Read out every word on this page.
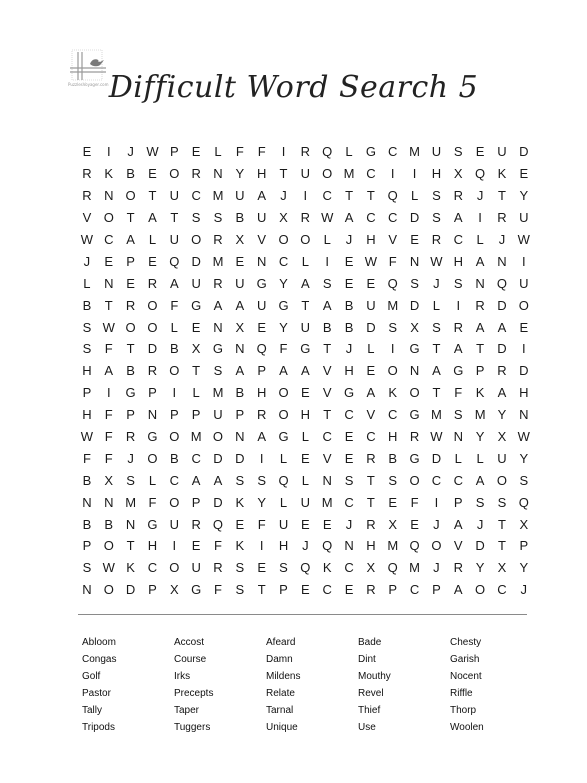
PuzzlesVoyager.com Difficult Word Search 5
E	I	J W P	E	L	F	F	I	R Q	L	G C M U S	E U D
R K	B	E O R N Y H	T	U O M C	I	I	H X Q K	E
R N O T	U C M U A	J	I	C	T	T Q	L	S R	J	T	Y
V O T	A	T	S	S	B U X R W A C C D S	A	I	R U
W C A	L	U O R X	V O O	L	J	H V	E R C	L	J W
J	E	P	E Q D M E N C	L	I	E W F	N W H A N	I
L	N E R A U R U G Y	A	S	E	E Q S	J	S N Q U
B	T	R O F G A	A U G T	A	B U M D	L	I	R D O
S W O O	L	E N X	E	Y U B	B D S	X	S R A	A	E
S	F	T	D B	X G N Q F G T	J	L	I	G T	A	T	D	I
H A	B R O T	S	A	P	A	A	V H E O N A G P R D
P	I	G P	I	L M B H O E	V G A	K O T	F	K	A H
H	F	P N P	P U P R O H	T	C V C G M S M Y N
W F	R G O M O N A G	L	C E C H R W N Y	X W
F	F	J	O B C D D	I	L	E	V	E R B G D	L	L	U Y
B	X	S	L	C A	A	S	S Q	L	N S	T	S O C C A O S
N N M F O P D K	Y	L	U M C	T	E	F	I	P	S	S Q
B	B N G U R Q E	F	U E	E	J	R X	E	J	A	J	T	X
P O T	H	I	E	F	K	I	H	J	Q N H M Q O V D	T	P
S W K C O U R S	E	S Q K C X Q M	J	R Y	X	Y
N O D P	X G F	S	T	P	E C E R P C P	A O C	J
Abloom	Accost	Afeard	Bade	Chesty
Congas	Course	Damn	Dint	Garish
Golf	Irks	Mildens	Mouthy	Nocent
Pastor	Precepts	Relate	Revel	Riffle
Tally	Taper	Tarnal	Thief	Thorp
Tripods	Tuggers	Unique	Use	Woolen
